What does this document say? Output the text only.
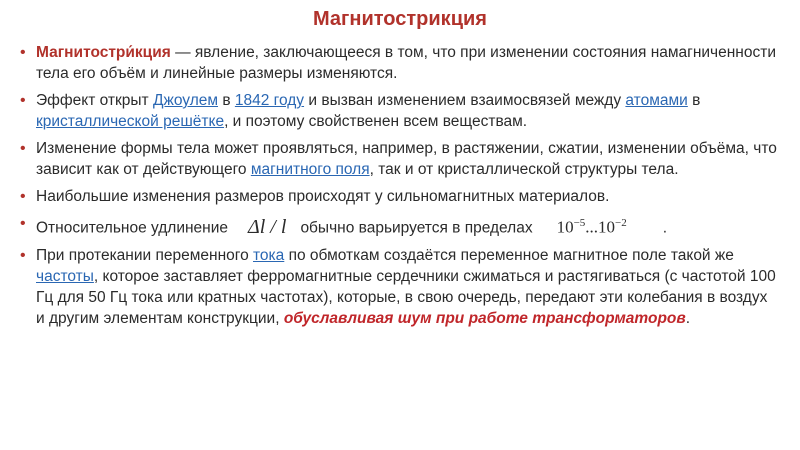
Магнитострикция
• Магнитостри́кция — явление, заключающееся в том, что при изменении состояния намагниченности тела его объём и линейные размеры изменяются.
• Эффект открыт Джоулем в 1842 году и вызван изменением взаимосвязей между атомами в кристаллической решётке, и поэтому свойственен всем веществам.
• Изменение формы тела может проявляться, например, в растяжении, сжатии, изменении объёма, что зависит как от действующего магнитного поля, так и от кристаллической структуры тела.
• Наибольшие изменения размеров происходят у сильномагнитных материалов.
• Относительное удлинение Δl / l обычно варьируется в пределах $10^{-5}...10^{-2}$ .
• При протекании переменного тока по обмоткам создаётся переменное магнитное поле такой же частоты, которое заставляет ферромагнитные сердечники сжиматься и растягиваться (с частотой 100 Гц для 50 Гц тока или кратных частотах), которые, в свою очередь, передают эти колебания в воздух и другим элементам конструкции, обуславливая шум при работе трансформаторов.
